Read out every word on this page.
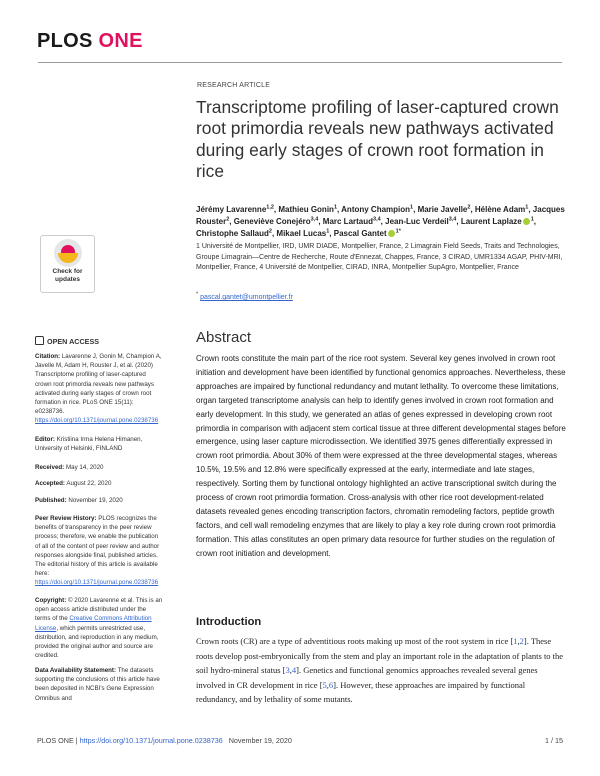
PLOS ONE
RESEARCH ARTICLE
Transcriptome profiling of laser-captured crown root primordia reveals new pathways activated during early stages of crown root formation in rice
Jérémy Lavarenne$^{1,2}$, Mathieu Gonin$^1$, Antony Champion$^1$, Marie Javelle$^2$, Hélène Adam$^1$, Jacques Rouster$^2$, Geneviève Conejéro$^{3,4}$, Marc Lartaud$^{3,4}$, Jean-Luc Verdeil$^{3,4}$, Laurent Laplaze $^1$, Christophe Sallaud$^2$, Mikael Lucas$^1$, Pascal Gantet $^{1*}$
1 Université de Montpellier, IRD, UMR DIADE, Montpellier, France, 2 Limagrain Field Seeds, Traits and Technologies, Groupe Limagrain—Centre de Recherche, Route d'Ennezat, Chappes, France, 3 CIRAD, UMR1334 AGAP, PHIV-MRI, Montpellier, France, 4 Université de Montpellier, CIRAD, INRA, Montpellier SupAgro, Montpellier, France
* pascal.gantet@umontpellier.fr
Check for
updates
OPEN ACCESS
Citation: Lavarenne J, Gonin M, Champion A, Javelle M, Adam H, Rouster J, et al. (2020) Transcriptome profiling of laser-captured crown root primordia reveals new pathways activated during early stages of crown root formation in rice. PLoS ONE 15(11): e0238736. https://doi.org/10.1371/journal.pone.0238736
Editor: Kristiina Irma Helena Himanen, University of Helsinki, FINLAND
Received: May 14, 2020
Accepted: August 22, 2020
Published: November 19, 2020
Peer Review History: PLOS recognizes the benefits of transparency in the peer review process; therefore, we enable the publication of all of the content of peer review and author responses alongside final, published articles. The editorial history of this article is available here: https://doi.org/10.1371/journal.pone.0238736
Copyright: © 2020 Lavarenne et al. This is an open access article distributed under the terms of the Creative Commons Attribution License, which permits unrestricted use, distribution, and reproduction in any medium, provided the original author and source are credited.
Data Availability Statement: The datasets supporting the conclusions of this article have been deposited in NCBI's Gene Expression Omnibus and
Abstract
Crown roots constitute the main part of the rice root system. Several key genes involved in crown root initiation and development have been identified by functional genomics approaches. Nevertheless, these approaches are impaired by functional redundancy and mutant lethality. To overcome these limitations, organ targeted transcriptome analysis can help to identify genes involved in crown root formation and early development. In this study, we generated an atlas of genes expressed in developing crown root primordia in comparison with adjacent stem cortical tissue at three different developmental stages before emergence, using laser capture microdissection. We identified 3975 genes differentially expressed in crown root primordia. About 30% of them were expressed at the three developmental stages, whereas 10.5%, 19.5% and 12.8% were specifically expressed at the early, intermediate and late stages, respectively. Sorting them by functional ontology highlighted an active transcriptional switch during the process of crown root primordia formation. Cross-analysis with other rice root development-related datasets revealed genes encoding transcription factors, chromatin remodeling factors, peptide growth factors, and cell wall remodeling enzymes that are likely to play a key role during crown root primordia formation. This atlas constitutes an open primary data resource for further studies on the regulation of crown root initiation and development.
Introduction
Crown roots (CR) are a type of adventitious roots making up most of the root system in rice [1,2]. These roots develop post-embryonically from the stem and play an important role in the adaptation of plants to the soil hydro-mineral status [3,4]. Genetics and functional genomics approaches revealed several genes involved in CR development in rice [5,6]. However, these approaches are impaired by functional redundancy, and by lethality of some mutants.
PLOS ONE | https://doi.org/10.1371/journal.pone.0238736 November 19, 2020	1 / 15
